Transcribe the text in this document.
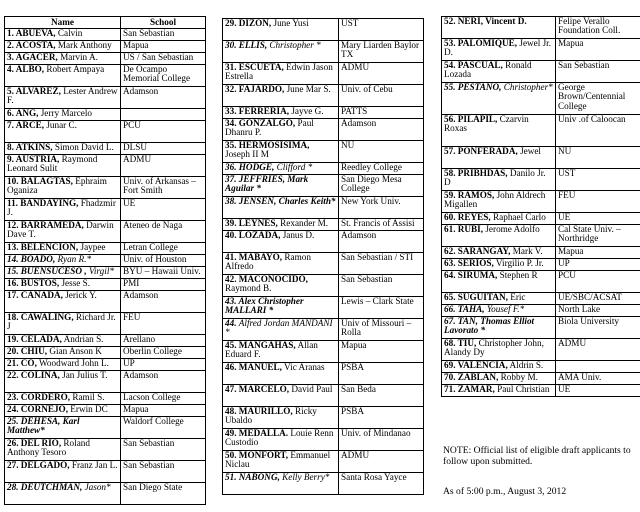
Name	School
1. ABUEVA, Calvin	San Sebastian
2. ACOSTA, Mark Anthony	Mapua
3. AGACER, Marvin A.	US / San Sebastian
4. ALBO, Robert Ampaya	De Ocampo Memorial College
5. ALVAREZ, Lester Andrew F.	Adamson
6. ANG, Jerry Marcelo	
7. ARCE, Junar C.	PCU
8. ATKINS, Simon David L.	DLSU
9. AUSTRIA, Raymond Leonard Sulit	ADMU
10. BALAGTAS, Ephraim Oganiza	Univ. of Arkansas – Fort Smith
11. BANDAYING, Fhadzmir J.	UE
12. BARRAMEDA, Darwin Dave T.	Ateneo de Naga
13. BELENCION, Jaypee	Letran College
14. BOADO, Ryan R.*	Univ. of Houston
15. BUENSUCESO , Virgil*	BYU – Hawaii Univ.
16. BUSTOS, Jesse S.	PMI
17. CANADA, Jerick Y.	Adamson
18. CAWALING, Richard Jr. J	FEU
19. CELADA, Andrian S.	Arellano
20. CHIU, Gian Anson K	Oberlin College
21. CO, Woodward John L.	UP
22. COLINA, Jan Julius T.	Adamson
23. CORDERO, Ramil S.	Lacson College
24. CORNEJO, Erwin DC	Mapua
25. DEHESA, Karl Matthew*	Waldorf College
26. DEL RIO, Roland Anthony Tesoro	San Sebastian
27. DELGADO, Franz Jan L.	San Sebastian
28. DEUTCHMAN, Jason*	San Diego State
29. DIZON, June Yusi	UST
30. ELLIS, Christopher *	Mary Liarden Baylor TX
31. ESCUETA, Edwin Jason Estrella	ADMU
32. FAJARDO, June Mar S.	Univ. of Cebu
33. FERRERIA, Jayve G.	PATTS
34. GONZALGO, Paul Dhanru P.	Adamson
35. HERMOSISIMA, Joseph II M	NU
36. HODGE, Clifford *	Reedley College
37. JEFFRIES, Mark Aguilar *	San Diego Mesa College
38. JENSEN, Charles Keith*	New York Univ.
39. LEYNES, Rexander M.	St. Francis of Assisi
40. LOZADA, Janus D.	Adamson
41. MABAYO, Ramon Alfredo	San Sebastian / STI
42. MACONOCIDO, Raymond B.	San Sebastian
43. Alex Christopher MALLARI *	Lewis – Clark State
44. Alfred Jordan MANDANI *	Univ of Missouri – Rolla
45. MANGAHAS, Allan Eduard F.	Mapua
46. MANUEL, Vic Aranas	PSBA
47. MARCELO, David Paul	San Beda
48. MAURILLO, Ricky Ubaldo	PSBA
49. MEDALLA. Louie Renn Custodio	Univ. of Mindanao
50. MONFORT, Emmanuel Niclau	ADMU
51. NABONG, Kelly Berry*	Santa Rosa Yayce
52. NERI, Vincent D.	Felipe Verallo Foundation Coll.
53. PALOMIQUE, Jewel Jr. D.	Mapua
54. PASCUAL, Ronald Lozada	San Sebastian
55. PESTANO, Christopher*	George Brown/Centennial College
56. PILAPIL, Czarvin Roxas	Univ .of Caloocan
57. PONFERADA, Jewel	NU
58. PRIBHDAS, Danilo Jr. D	UST
59. RAMOS, John Aldrech Migallen	FEU
60. REYES, Raphael Carlo	UE
61. RUBI, Jerome Adolfo	Cal State Univ. – Northridge
62. SARANGAY, Mark V.	Mapua
63. SERIOS, Virgilio P. Jr.	UP
64. SIRUMA, Stephen R	PCU
65. SUGUITAN, Eric	UE/SBC/ACSAT
66. TAHA, Yousef F.*	North Lake
67. TAN, Thomas Elliot Lavorato *	Biola University
68. TIU, Christopher John, Alandy Dy	ADMU
69. VALENCIA, Aldrin S.	
70. ZABLAN, Robby M.	AMA Univ.
71. ZAMAR, Paul Christian	UE
NOTE: Official list of eligible draft applicants to follow upon submitted.
As of 5:00 p.m., August 3, 2012
